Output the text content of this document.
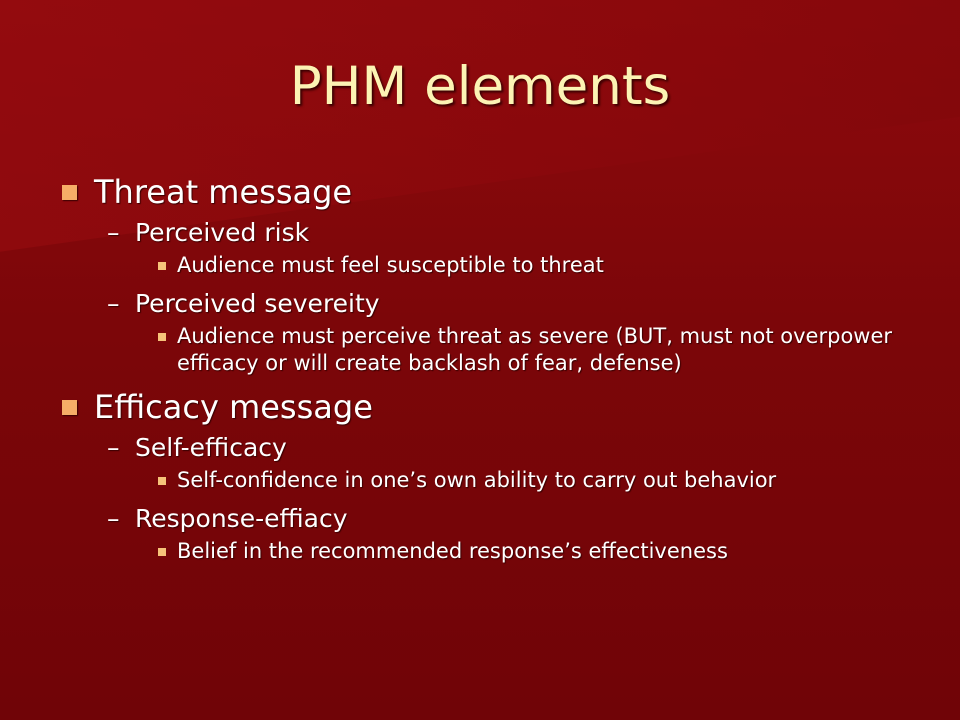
PHM elements
Threat message
– Perceived risk
Audience must feel susceptible to threat
– Perceived severeity
Audience must perceive threat as severe (BUT, must not overpower efficacy or will create backlash of fear, defense)
Efficacy message
– Self-efficacy
Self-confidence in one’s own ability to carry out behavior
– Response-effiacy
Belief in the recommended response’s effectiveness
